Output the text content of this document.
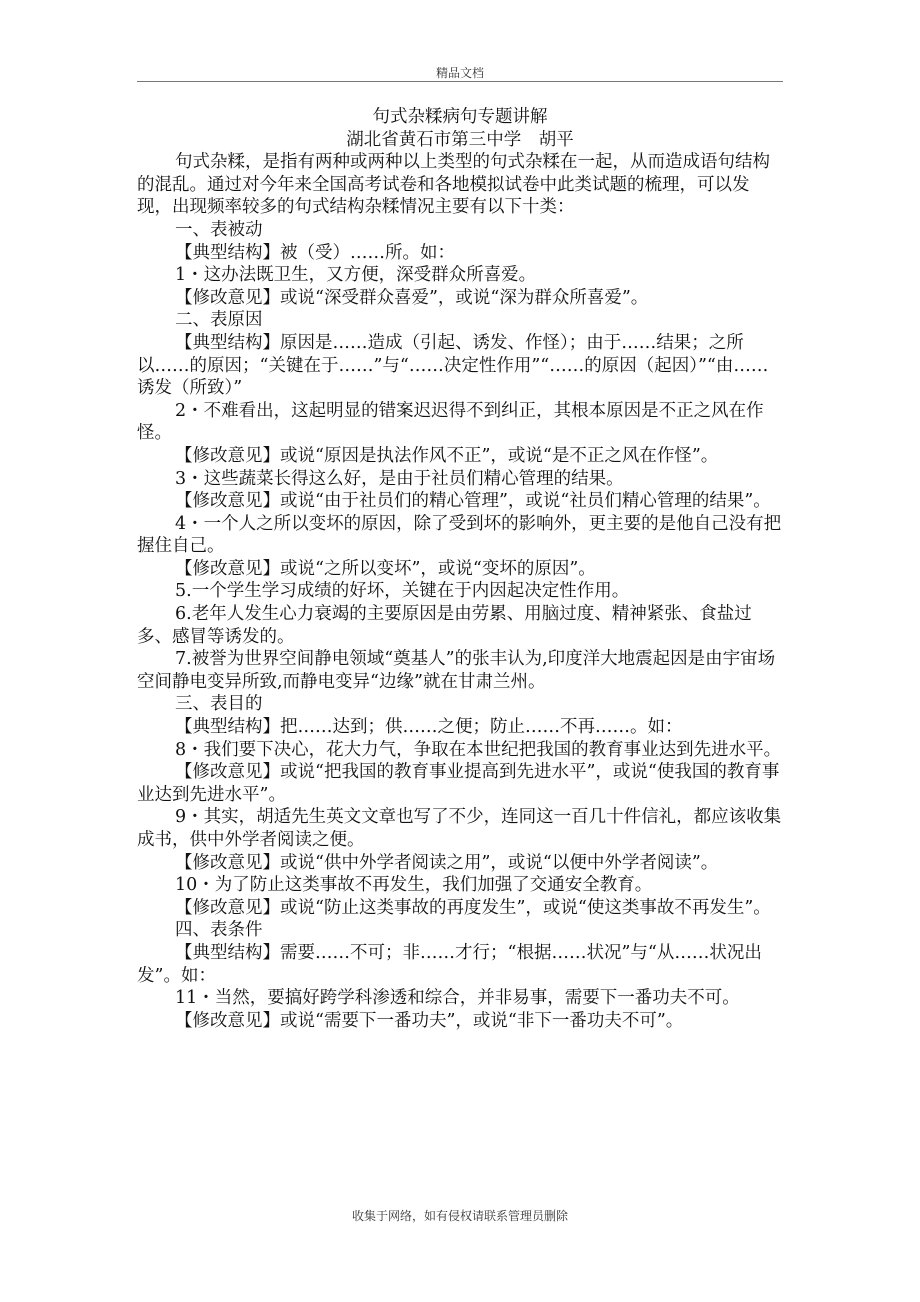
精品文档

句式杂糅病句专题讲解

湖北省黄石市第三中学　胡平

句式杂糅，是指有两种或两种以上类型的句式杂糅在一起，从而造成语句结构的混乱。通过对今年来全国高考试卷和各地模拟试卷中此类试题的梳理，可以发现，出现频率较多的句式结构杂糅情况主要有以下十类：

一、表被动

【典型结构】被（受）……所。如：

1・这办法既卫生，又方便，深受群众所喜爱。

【修改意见】或说“深受群众喜爱”，或说“深为群众所喜爱”。

二、表原因

【典型结构】原因是……造成（引起、诱发、作怪）；由于……结果；之所以……的原因；“关键在于……”与“……决定性作用”“……的原因（起因）”“由……诱发（所致）”

2・不难看出，这起明显的错案迟迟得不到纠正，其根本原因是不正之风在作怪。

【修改意见】或说“原因是执法作风不正”，或说“是不正之风在作怪”。

3・这些蔬菜长得这么好，是由于社员们精心管理的结果。

【修改意见】或说“由于社员们的精心管理”，或说“社员们精心管理的结果”。

4・一个人之所以变坏的原因，除了受到坏的影响外，更主要的是他自己没有把握住自己。

【修改意见】或说“之所以变坏”，或说“变坏的原因”。

5.一个学生学习成绩的好坏，关键在于内因起决定性作用。

6.老年人发生心力衰竭的主要原因是由劳累、用脑过度、精神紧张、食盐过多、感冒等诱发的。

7.被誉为世界空间静电领域“奠基人”的张丰认为,印度洋大地震起因是由宇宙场空间静电变异所致,而静电变异“边缘”就在甘肃兰州。

三、表目的

【典型结构】把……达到；供……之便；防止……不再……。如：

8・我们要下决心，花大力气，争取在本世纪把我国的教育事业达到先进水平。

【修改意见】或说“把我国的教育事业提高到先进水平”，或说“使我国的教育事业达到先进水平”。

9・其实，胡适先生英文文章也写了不少，连同这一百几十件信礼，都应该收集成书，供中外学者阅读之便。

【修改意见】或说“供中外学者阅读之用”，或说“以便中外学者阅读”。

10・为了防止这类事故不再发生，我们加强了交通安全教育。

【修改意见】或说“防止这类事故的再度发生”，或说“使这类事故不再发生”。

四、表条件

【典型结构】需要……不可；非……才行；“根据……状况”与“从……状况出发”。如：

11・当然，要搞好跨学科渗透和综合，并非易事，需要下一番功夫不可。

【修改意见】或说“需要下一番功夫”，或说“非下一番功夫不可”。

收集于网络，如有侵权请联系管理员删除
